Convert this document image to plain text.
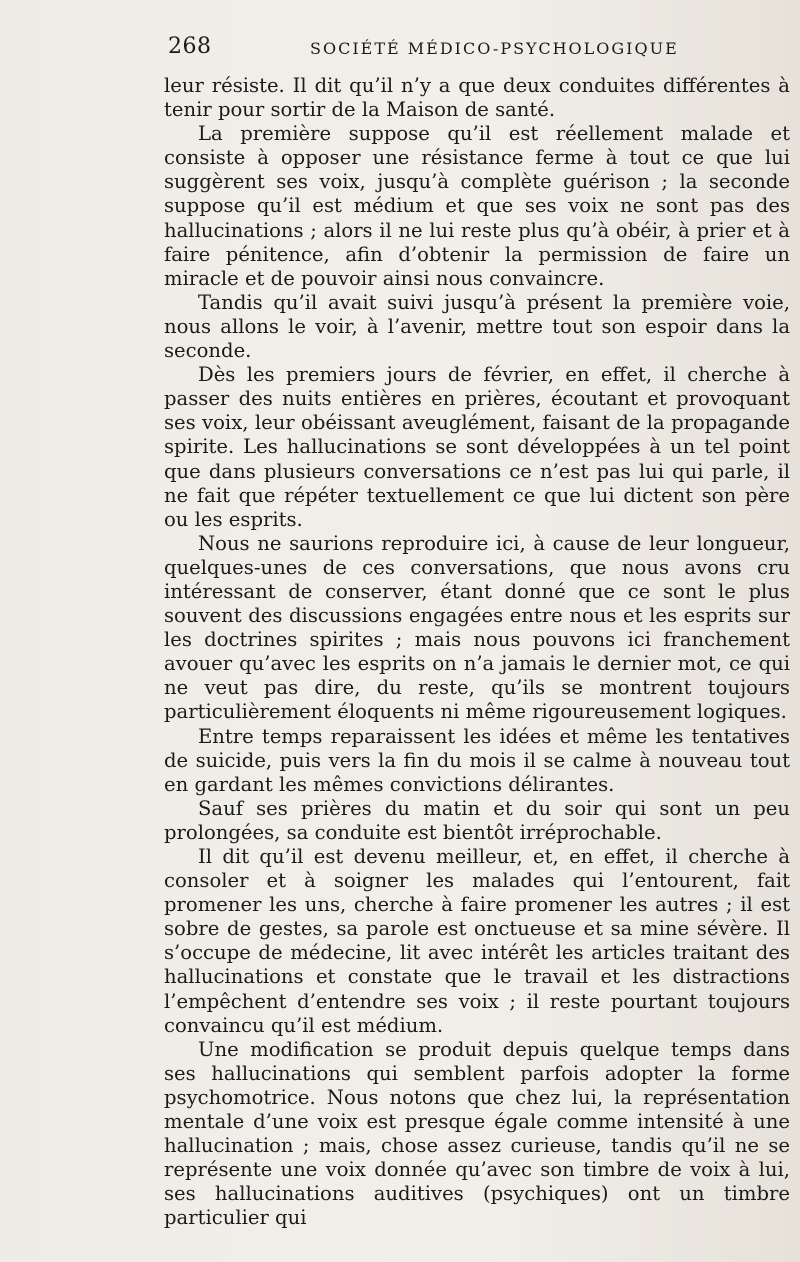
268	SOCIÉTÉ MÉDICO-PSYCHOLOGIQUE

leur résiste. Il dit qu’il n’y a que deux conduites différentes à tenir pour sortir de la Maison de santé.

La première suppose qu’il est réellement malade et consiste à opposer une résistance ferme à tout ce que lui suggèrent ses voix, jusqu’à complète guérison ; la seconde suppose qu’il est médium et que ses voix ne sont pas des hallucinations ; alors il ne lui reste plus qu’à obéir, à prier et à faire pénitence, afin d’obtenir la permission de faire un miracle et de pouvoir ainsi nous convaincre.

Tandis qu’il avait suivi jusqu’à présent la première voie, nous allons le voir, à l’avenir, mettre tout son espoir dans la seconde.

Dès les premiers jours de février, en effet, il cherche à passer des nuits entières en prières, écoutant et provoquant ses voix, leur obéissant aveuglément, faisant de la propagande spirite. Les hallucinations se sont développées à un tel point que dans plusieurs conversations ce n’est pas lui qui parle, il ne fait que répéter textuellement ce que lui dictent son père ou les esprits.

Nous ne saurions reproduire ici, à cause de leur longueur, quelques-unes de ces conversations, que nous avons cru intéressant de conserver, étant donné que ce sont le plus souvent des discussions engagées entre nous et les esprits sur les doctrines spirites ; mais nous pouvons ici franchement avouer qu’avec les esprits on n’a jamais le dernier mot, ce qui ne veut pas dire, du reste, qu’ils se montrent toujours particulièrement éloquents ni même rigoureusement logiques.

Entre temps reparaissent les idées et même les tentatives de suicide, puis vers la fin du mois il se calme à nouveau tout en gardant les mêmes convictions délirantes.

Sauf ses prières du matin et du soir qui sont un peu prolongées, sa conduite est bientôt irréprochable.

Il dit qu’il est devenu meilleur, et, en effet, il cherche à consoler et à soigner les malades qui l’entourent, fait promener les uns, cherche à faire promener les autres ; il est sobre de gestes, sa parole est onctueuse et sa mine sévère. Il s’occupe de médecine, lit avec intérêt les articles traitant des hallucinations et constate que le travail et les distractions l’empêchent d’entendre ses voix ; il reste pourtant toujours convaincu qu’il est médium.

Une modification se produit depuis quelque temps dans ses hallucinations qui semblent parfois adopter la forme psychomotrice. Nous notons que chez lui, la représentation mentale d’une voix est presque égale comme intensité à une hallucination ; mais, chose assez curieuse, tandis qu’il ne se représente une voix donnée qu’avec son timbre de voix à lui, ses hallucinations auditives (psychiques) ont un timbre particulier qui
